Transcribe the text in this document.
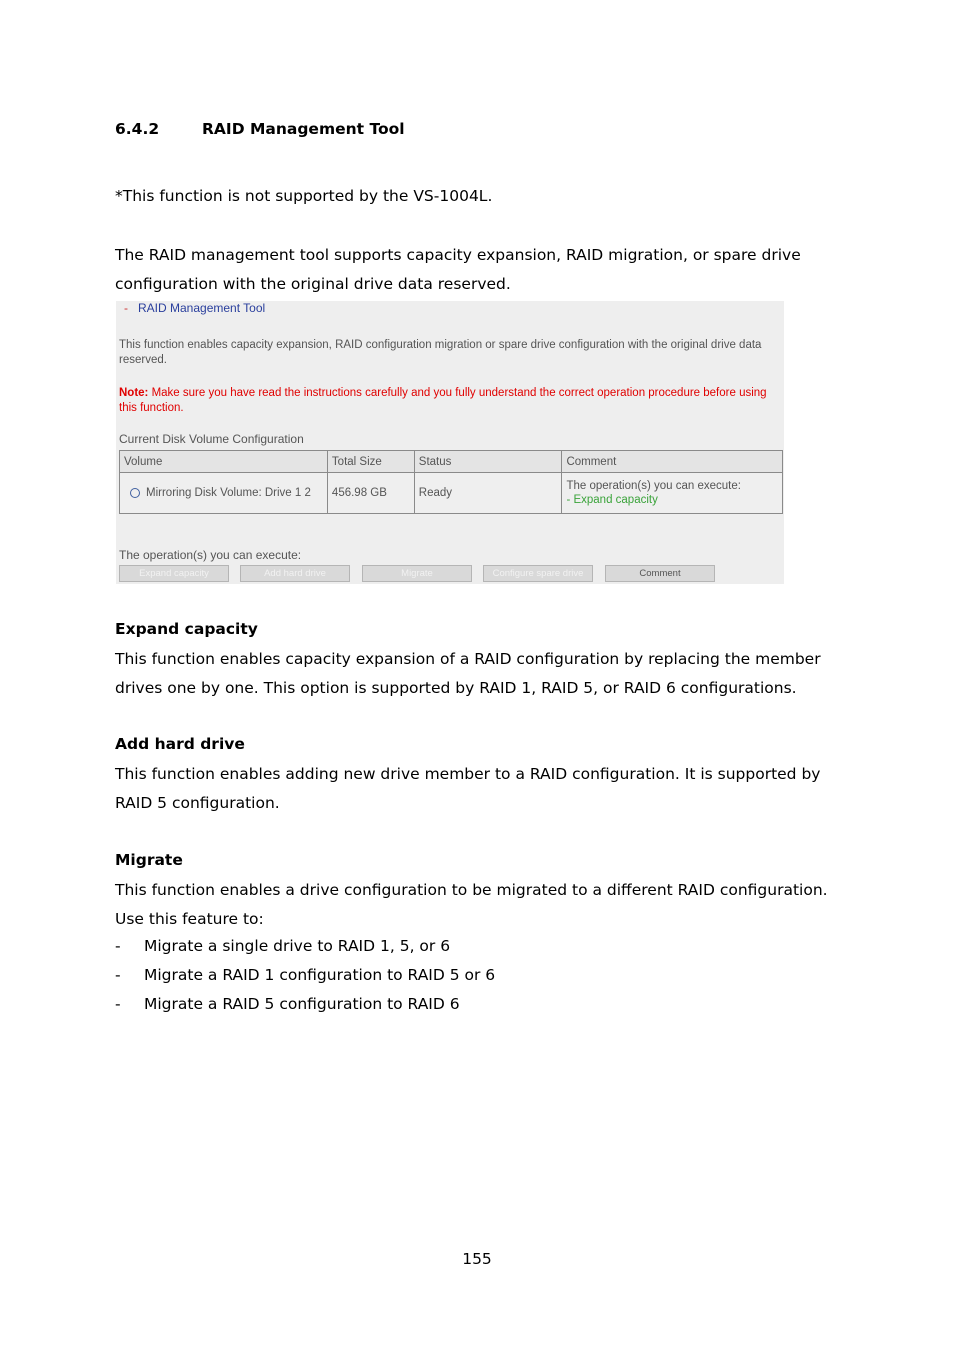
6.4.2	RAID Management Tool
*This function is not supported by the VS-1004L.
The RAID management tool supports capacity expansion, RAID migration, or spare drive configuration with the original drive data reserved.
- RAID Management Tool
This function enables capacity expansion, RAID configuration migration or spare drive configuration with the original drive data reserved.
Note: Make sure you have read the instructions carefully and you fully understand the correct operation procedure before using this function.
Current Disk Volume Configuration
Volume	Total Size	Status	Comment
Mirroring Disk Volume: Drive 1 2	456.98 GB	Ready	The operation(s) you can execute:
- Expand capacity
The operation(s) you can execute:
Expand capacity	Add hard drive	Migrate	Configure spare drive	Comment
Expand capacity
This function enables capacity expansion of a RAID configuration by replacing the member drives one by one. This option is supported by RAID 1, RAID 5, or RAID 6 configurations.
Add hard drive
This function enables adding new drive member to a RAID configuration. It is supported by RAID 5 configuration.
Migrate
This function enables a drive configuration to be migrated to a different RAID configuration. Use this feature to:
- Migrate a single drive to RAID 1, 5, or 6
- Migrate a RAID 1 configuration to RAID 5 or 6
- Migrate a RAID 5 configuration to RAID 6
155
